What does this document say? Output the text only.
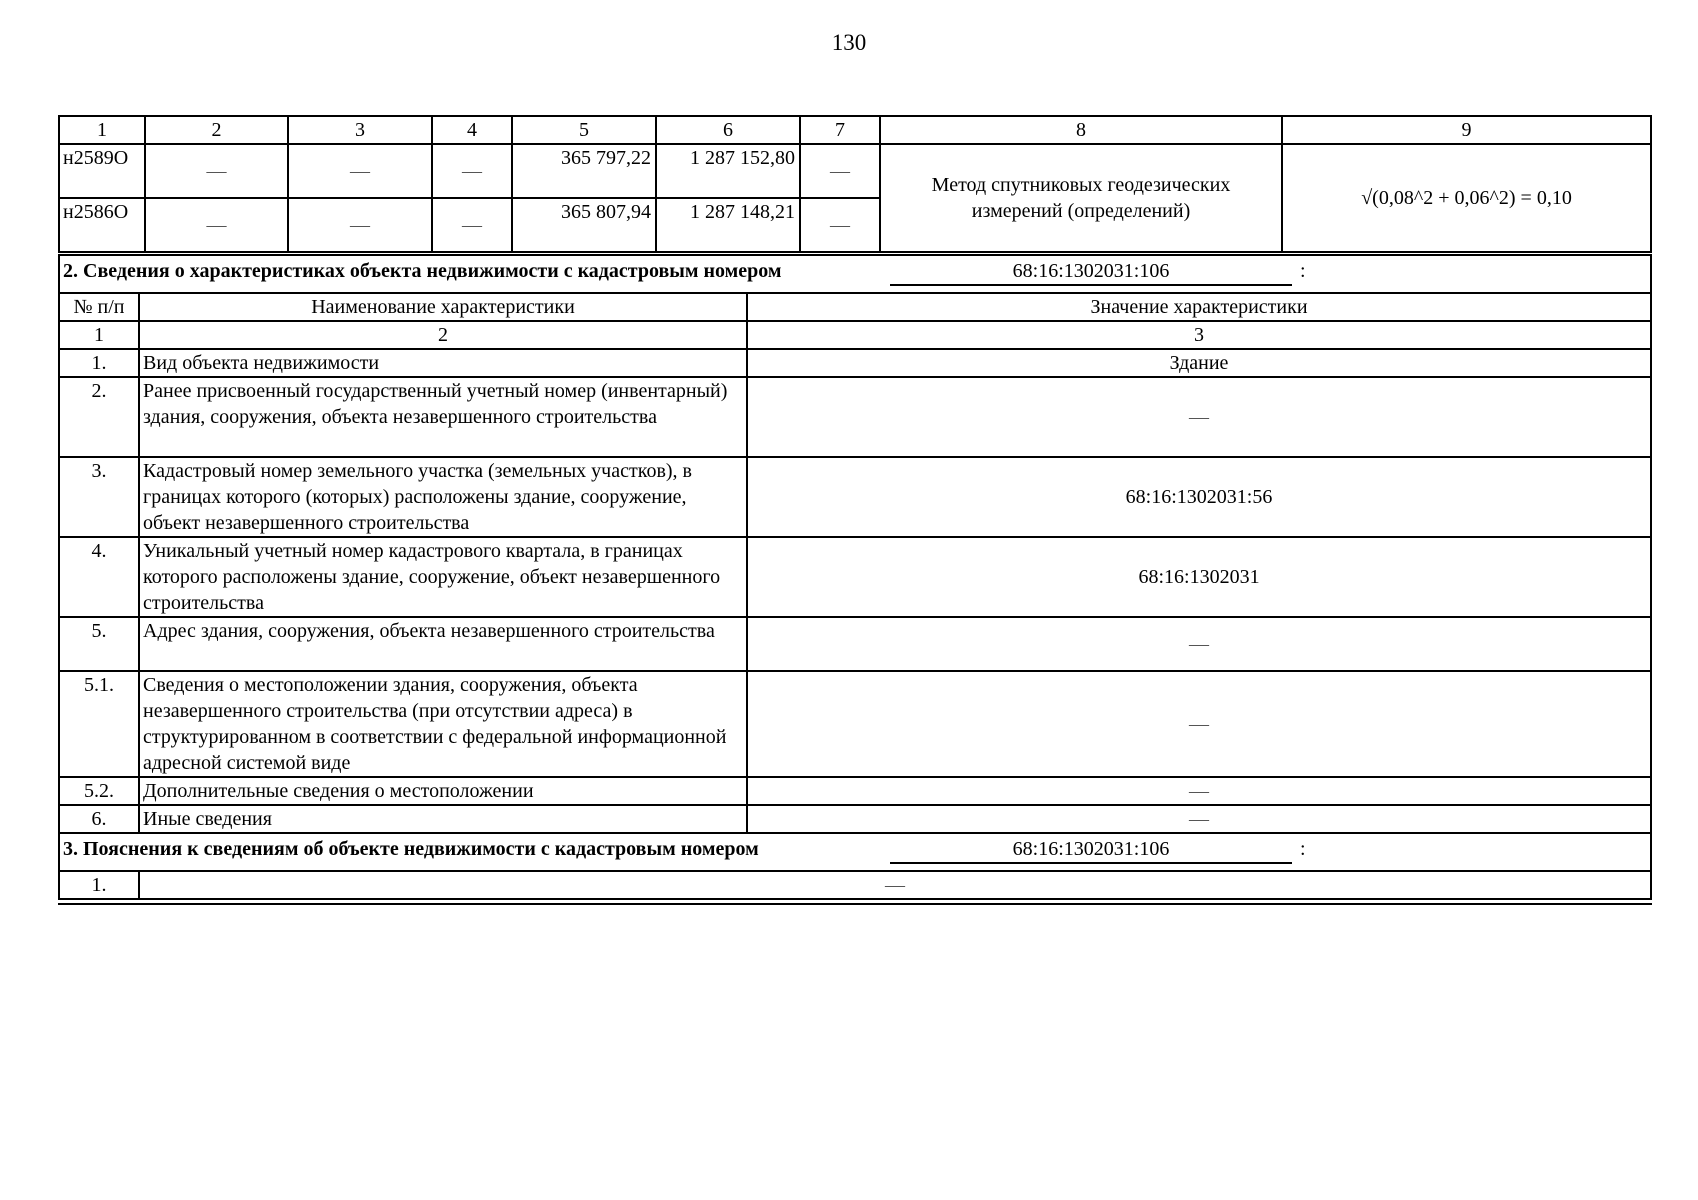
130
1	2	3	4	5	6	7	8	9
н2589О	—	—	—	365 797,22	1 287 152,80	—	Метод спутниковых геодезических измерений (определений)	√(0,08^2 + 0,06^2) = 0,10
н2586О	—	—	—	365 807,94	1 287 148,21	—		
2. Сведения о характеристиках объекта недвижимости с кадастровым номером 68:16:1302031:106 :		

№ п/п	Наименование характеристики	Значение характеристики
1	2	3
1.	Вид объекта недвижимости	Здание
2.	Ранее присвоенный государственный учетный номер (инвентарный) здания, сооружения, объекта незавершенного строительства	—
3.	Кадастровый номер земельного участка (земельных участков), в границах которого (которых) расположены здание, сооружение, объект незавершенного строительства	68:16:1302031:56
4.	Уникальный учетный номер кадастрового квартала, в границах которого расположены здание, сооружение, объект незавершенного строительства	68:16:1302031
5.	Адрес здания, сооружения, объекта незавершенного строительства	—
5.1.	Сведения о местоположении здания, сооружения, объекта незавершенного строительства (при отсутствии адреса) в структурированном в соответствии с федеральной информационной адресной системой виде	—
5.2.	Дополнительные сведения о местоположении	—
6.	Иные сведения	—

3. Пояснения к сведениям об объекте недвижимости с кадастровым номером 68:16:1302031:106 :		

1.	—	
